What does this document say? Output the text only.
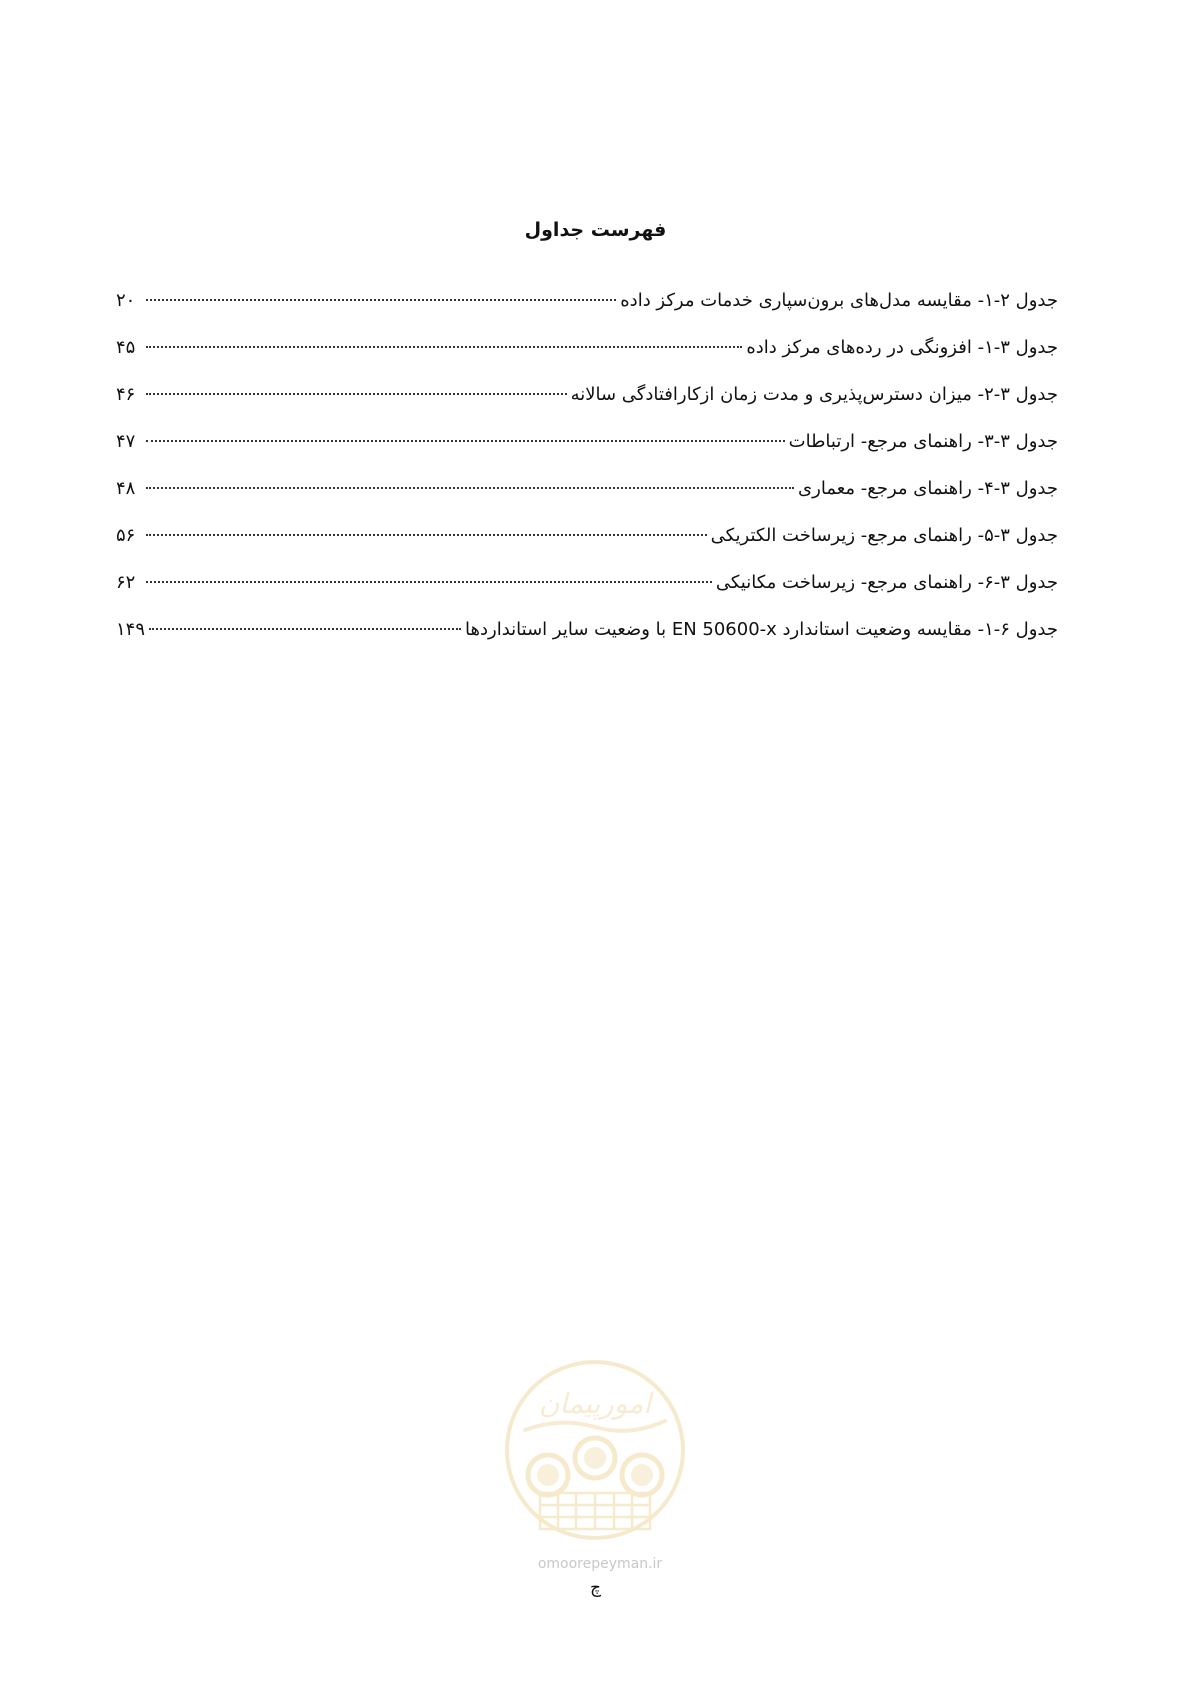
فهرست جداول
جدول ۲-۱- مقایسه مدل‌های برون‌سپاری خدمات مرکز داده
۲۰
جدول ۳-۱- افزونگی در رده‌های مرکز داده
۴۵
جدول ۳-۲- میزان دسترس‌پذیری و مدت زمان ازکارافتادگی سالانه
۴۶
جدول ۳-۳- راهنمای مرجع- ارتباطات
۴۷
جدول ۳-۴- راهنمای مرجع- معماری
۴۸
جدول ۳-۵- راهنمای مرجع- زیرساخت الکتریکی
۵۶
جدول ۳-۶- راهنمای مرجع- زیرساخت مکانیکی
۶۲
جدول ۶-۱- مقایسه وضعیت استاندارد EN 50600-x با وضعیت سایر استانداردها
۱۴۹
امورپیمان
omoorepeyman.ir
چ
